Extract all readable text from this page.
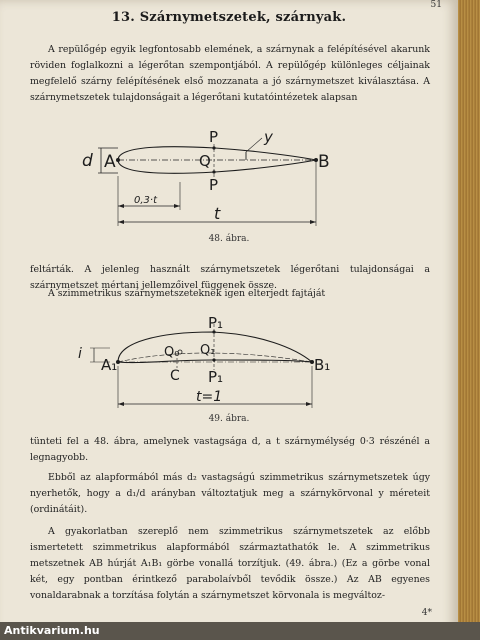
51
13. Szárnymetszetek, szárnyak.

A repülőgép egyik legfontosabb elemének, a szárnynak a felépítésével akarunk röviden foglalkozni a légerőtan szempontjából. A repülőgép különleges céljainak megfelelő szárny felépítésének első mozzanata a jó szárnymetszet kiválasztása. A szárnymetszetek tulajdonságait a légerőtani kutatóintézetek alapsan

d A	B
P
P
Q
y
0,3·t
t
48. ábra.

feltárták. A jelenleg használt szárnymetszetek légerőtani tulajdonságai a szárnymetszet mértani jellemzőivel függenek össze.

A szimmetrikus szárnymetszeteknek igen elterjedt fajtáját

i
A₁	B₁
P₁
P₁
Q₁
Q₀
C
t=1
49. ábra.

tünteti fel a 48. ábra, amelynek vastagsága d, a t szárnymélység 0·3 részénél a legnagyobb.

Ebből az alapformából más d₂ vastagságú szimmetrikus szárnymetszetek úgy nyerhetők, hogy a d₁/d arányban változtatjuk meg a szárnykörvonal y méreteit (ordinátáit).

A gyakorlatban szereplő nem szimmetrikus szárnymetszetek az előbb ismertetett szimmetrikus alapformából származtathatók le. A szimmetrikus metszetnek AB húrját A₁B₁ görbe vonallá torzítjuk. (49. ábra.) (Ez a görbe vonal két, egy pontban érintkező parabolaívből tevődik össze.) Az AB egyenes vonaldarabnak a torzítása folytán a szárnymetszet körvonala is megváltoz-

4*
Antikvarium.hu
